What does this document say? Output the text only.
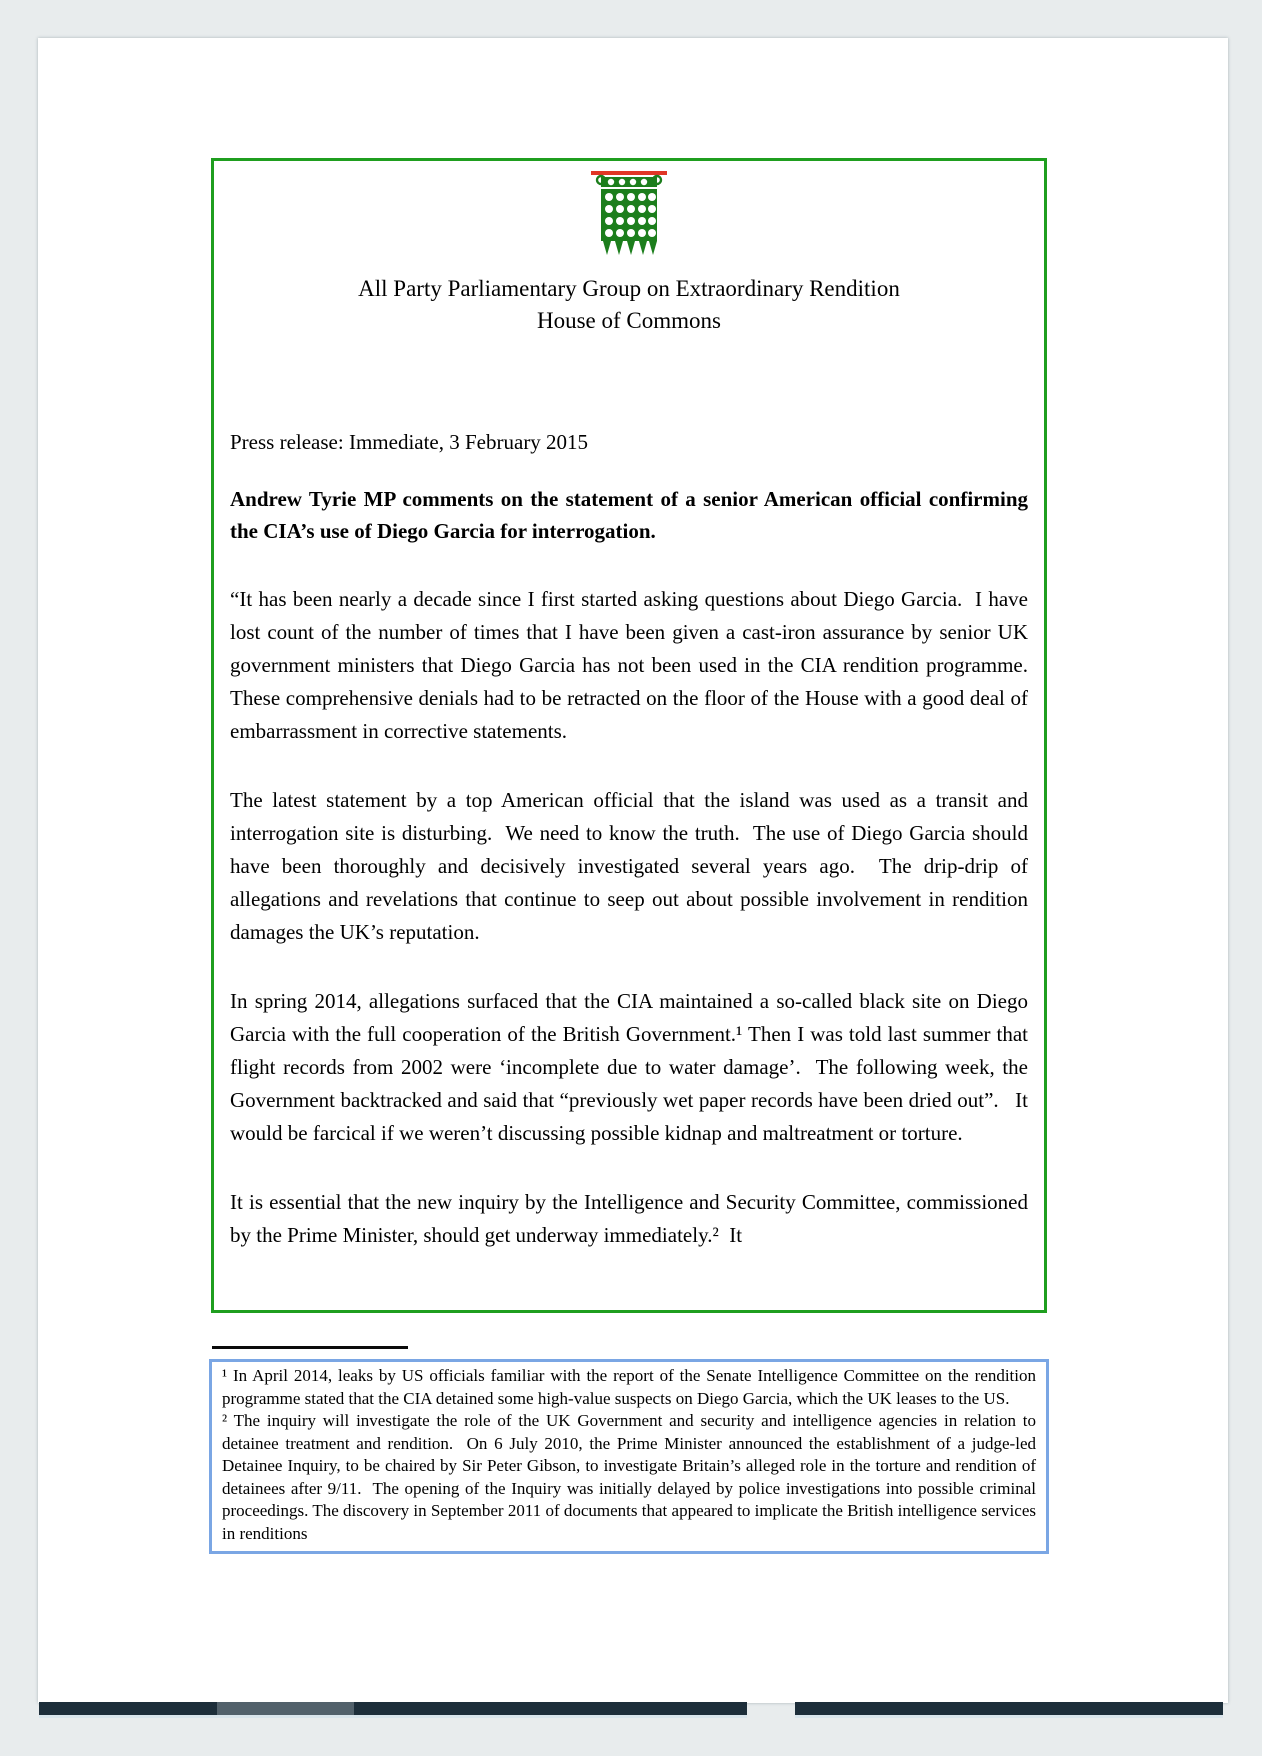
All Party Parliamentary Group on Extraordinary Rendition
House of Commons

Press release: Immediate, 3 February 2015

Andrew Tyrie MP comments on the statement of a senior American official confirming the CIA’s use of Diego Garcia for interrogation.

“It has been nearly a decade since I first started asking questions about Diego Garcia.  I have lost count of the number of times that I have been given a cast-iron assurance by senior UK government ministers that Diego Garcia has not been used in the CIA rendition programme.  These comprehensive denials had to be retracted on the floor of the House with a good deal of embarrassment in corrective statements.

The latest statement by a top American official that the island was used as a transit and interrogation site is disturbing.  We need to know the truth.  The use of Diego Garcia should have been thoroughly and decisively investigated several years ago.  The drip-drip of allegations and revelations that continue to seep out about possible involvement in rendition damages the UK’s reputation.

In spring 2014, allegations surfaced that the CIA maintained a so-called black site on Diego Garcia with the full cooperation of the British Government.¹ Then I was told last summer that flight records from 2002 were ‘incomplete due to water damage’.  The following week, the Government backtracked and said that “previously wet paper records have been dried out”.   It would be farcical if we weren’t discussing possible kidnap and maltreatment or torture.

It is essential that the new inquiry by the Intelligence and Security Committee, commissioned by the Prime Minister, should get underway immediately.²  It

¹ In April 2014, leaks by US officials familiar with the report of the Senate Intelligence Committee on the rendition programme stated that the CIA detained some high-value suspects on Diego Garcia, which the UK leases to the US.

² The inquiry will investigate the role of the UK Government and security and intelligence agencies in relation to detainee treatment and rendition.  On 6 July 2010, the Prime Minister announced the establishment of a judge-led Detainee Inquiry, to be chaired by Sir Peter Gibson, to investigate Britain’s alleged role in the torture and rendition of detainees after 9/11.  The opening of the Inquiry was initially delayed by police investigations into possible criminal proceedings. The discovery in September 2011 of documents that appeared to implicate the British intelligence services in renditions
